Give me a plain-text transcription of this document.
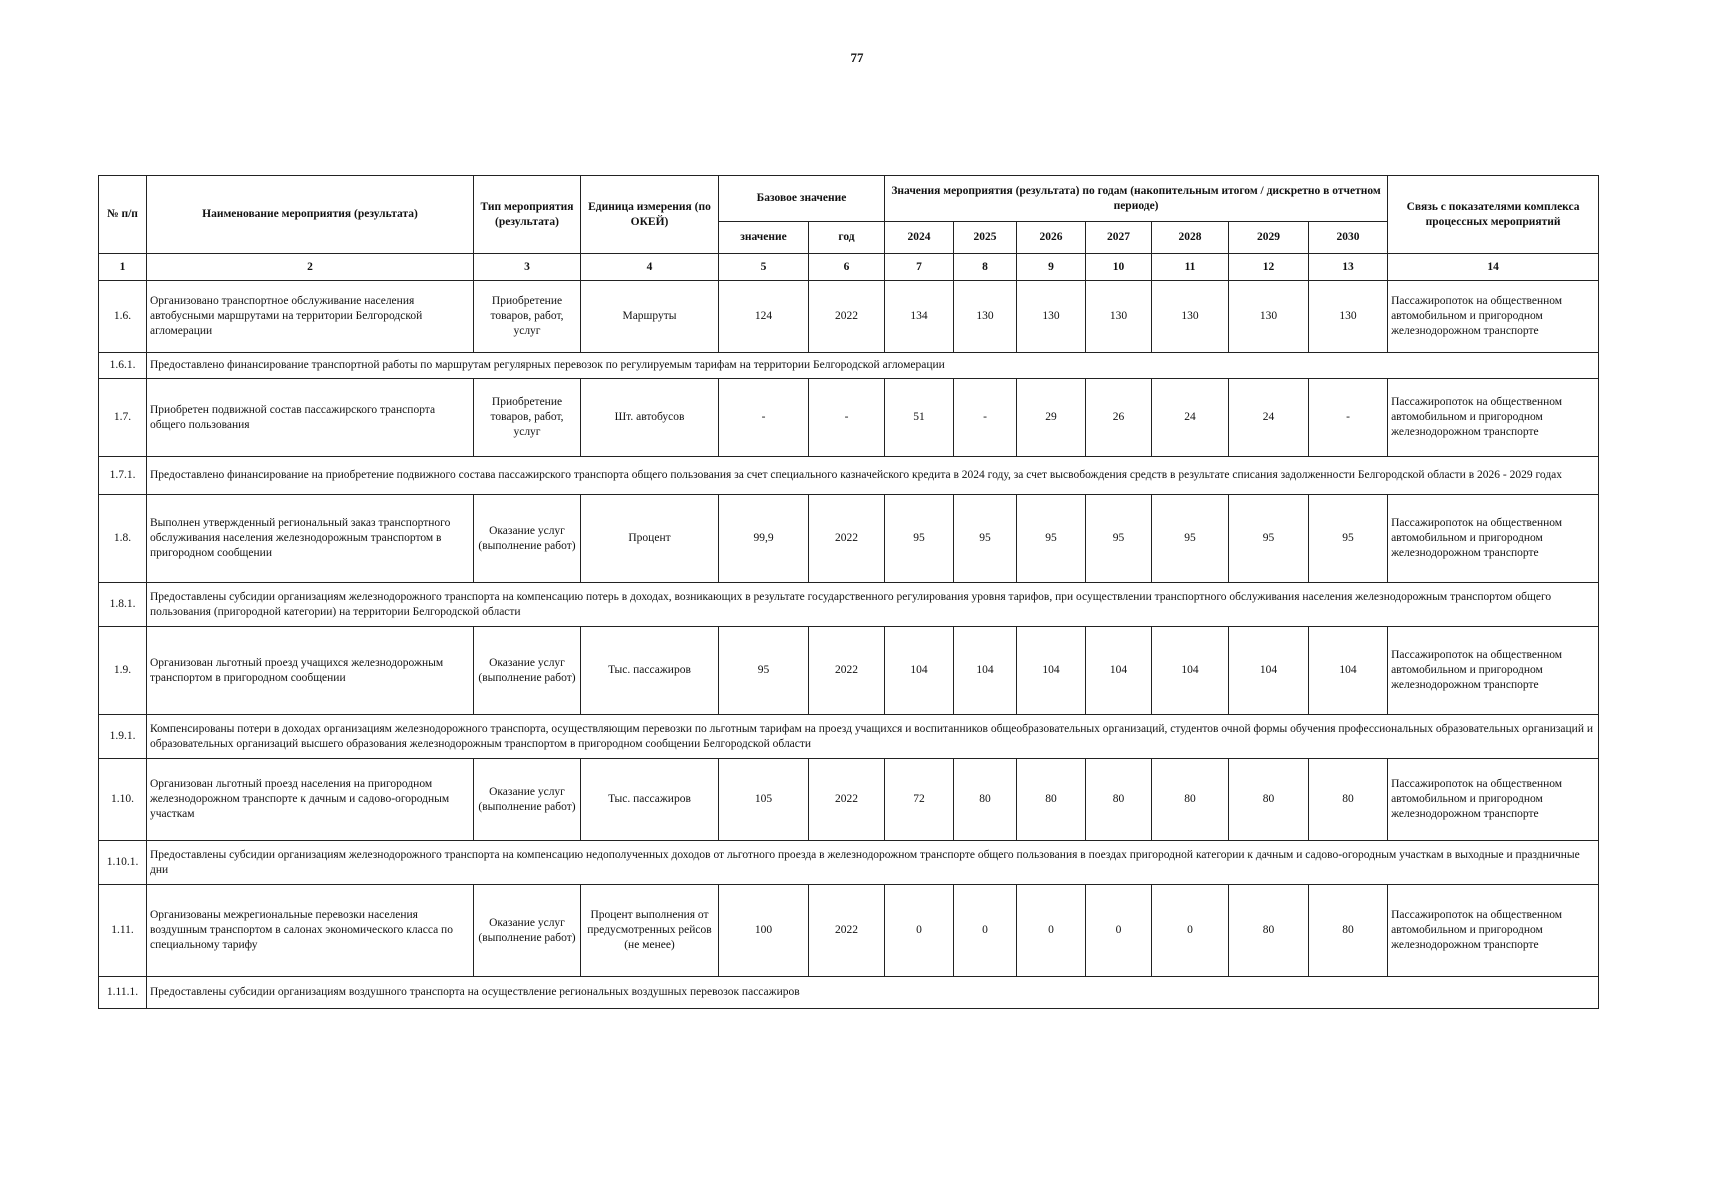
77
№ п/п	Наименование мероприятия (результата)	Тип мероприятия (результата)	Единица измерения (по ОКЕЙ)	Базовое значение		Значения мероприятия (результата) по годам (накопительным итогом / дискретно в отчетном периоде)							Связь с показателями комплекса процессных мероприятий
				значение	год	2024	2025	2026	2027	2028	2029	2030	
1	2	3	4	5	6	7	8	9	10	11	12	13	14
1.6.	Организовано транспортное обслуживание населения автобусными маршрутами на территории Белгородской агломерации	Приобретение товаров, работ, услуг	Маршруты	124	2022	134	130	130	130	130	130	130	Пассажиропоток на общественном автомобильном и пригородном железнодорожном транспорте
1.6.1.	Предоставлено финансирование транспортной работы по маршрутам регулярных перевозок по регулируемым тарифам на территории Белгородской агломерации												
1.7.	Приобретен подвижной состав пассажирского транспорта общего пользования	Приобретение товаров, работ, услуг	Шт. автобусов	-	-	51	-	29	26	24	24	-	Пассажиропоток на общественном автомобильном и пригородном железнодорожном транспорте
1.7.1.	Предоставлено финансирование на приобретение подвижного состава пассажирского транспорта общего пользования за счет специального казначейского кредита в 2024 году, за счет высвобождения средств в результате списания задолженности Белгородской области в 2026 - 2029 годах												
1.8.	Выполнен утвержденный региональный заказ транспортного обслуживания населения железнодорожным транспортом в пригородном сообщении	Оказание услуг (выполнение работ)	Процент	99,9	2022	95	95	95	95	95	95	95	Пассажиропоток на общественном автомобильном и пригородном железнодорожном транспорте
1.8.1.	Предоставлены субсидии организациям железнодорожного транспорта на компенсацию потерь в доходах, возникающих в результате государственного регулирования уровня тарифов, при осуществлении транспортного обслуживания населения железнодорожным транспортом общего пользования (пригородной категории) на территории Белгородской области												
1.9.	Организован льготный проезд учащихся железнодорожным транспортом в пригородном сообщении	Оказание услуг (выполнение работ)	Тыс. пассажиров	95	2022	104	104	104	104	104	104	104	Пассажиропоток на общественном автомобильном и пригородном железнодорожном транспорте
1.9.1.	Компенсированы потери в доходах организациям железнодорожного транспорта, осуществляющим перевозки по льготным тарифам на проезд учащихся и воспитанников общеобразовательных организаций, студентов очной формы обучения профессиональных образовательных организаций и образовательных организаций высшего образования железнодорожным транспортом в пригородном сообщении Белгородской области												
1.10.	Организован льготный проезд населения на пригородном железнодорожном транспорте к дачным и садово-огородным участкам	Оказание услуг (выполнение работ)	Тыс. пассажиров	105	2022	72	80	80	80	80	80	80	Пассажиропоток на общественном автомобильном и пригородном железнодорожном транспорте
1.10.1.	Предоставлены субсидии организациям железнодорожного транспорта на компенсацию недополученных доходов от льготного проезда в железнодорожном транспорте общего пользования в поездах пригородной категории к дачным и садово-огородным участкам в выходные и праздничные дни												
1.11.	Организованы межрегиональные перевозки населения воздушным транспортом в салонах экономического класса по специальному тарифу	Оказание услуг (выполнение работ)	Процент выполнения от предусмотренных рейсов (не менее)	100	2022	0	0	0	0	0	80	80	Пассажиропоток на общественном автомобильном и пригородном железнодорожном транспорте
1.11.1.	Предоставлены субсидии организациям воздушного транспорта на осуществление региональных воздушных перевозок пассажиров												
